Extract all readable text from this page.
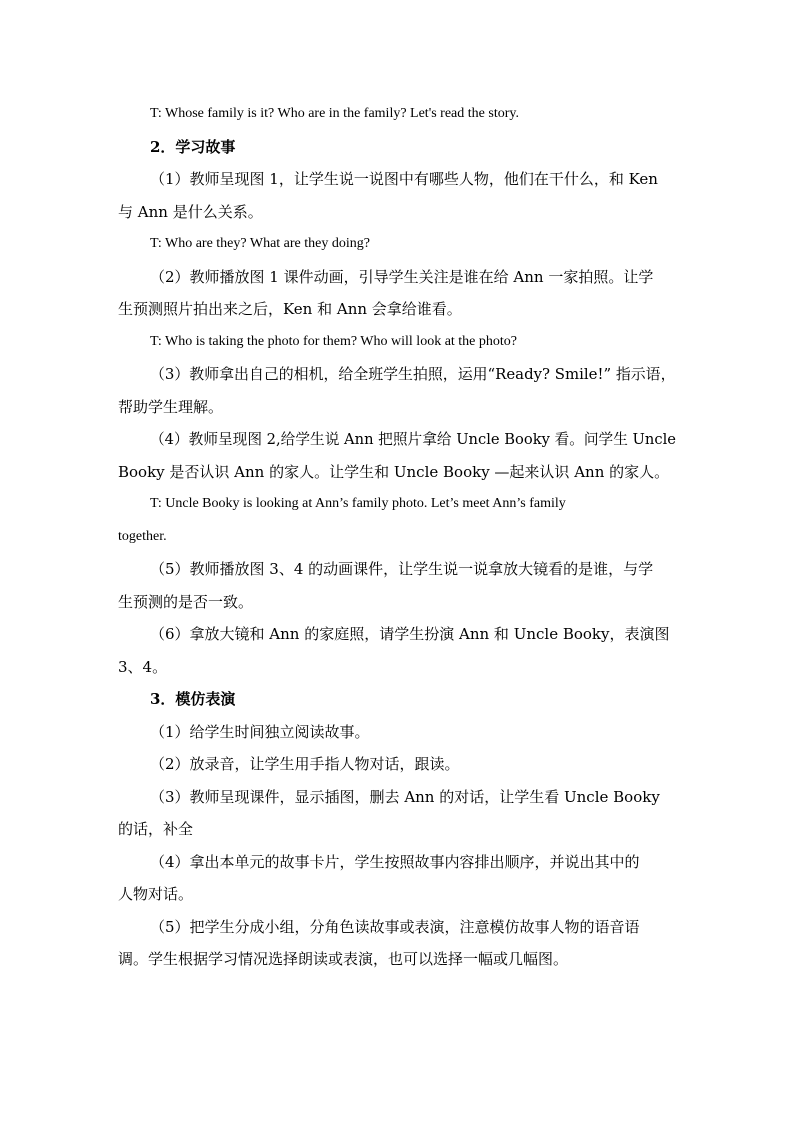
T: Whose family is it? Who are in the family? Let's read the story.
2．学习故事
（1）教师呈现图 1，让学生说一说图中有哪些人物，他们在干什么，和 Ken
与 Ann 是什么关系。
T: Who are they? What are they doing?
（2）教师播放图 1 课件动画，引导学生关注是谁在给 Ann 一家拍照。让学
生预测照片拍出来之后，Ken 和 Ann 会拿给谁看。
T: Who is taking the photo for them? Who will look at the photo?
（3）教师拿出自己的相机，给全班学生拍照，运用“Ready? Smile!” 指示语，
帮助学生理解。
（4）教师呈现图 2,给学生说 Ann 把照片拿给 Uncle Booky 看。问学生 Uncle
Booky 是否认识 Ann 的家人。让学生和 Uncle Booky —起来认识 Ann 的家人。
T: Uncle Booky is looking at Ann’s family photo. Let’s meet Ann’s family
together.
（5）教师播放图 3、4 的动画课件，让学生说一说拿放大镜看的是谁，与学
生预测的是否一致。
（6）拿放大镜和 Ann 的家庭照，请学生扮演 Ann 和 Uncle Booky，表演图
3、4。
3．模仿表演
（1）给学生时间独立阅读故事。
（2）放录音，让学生用手指人物对话，跟读。
（3）教师呈现课件，显示插图，删去 Ann 的对话，让学生看 Uncle Booky
的话，补全
（4）拿出本单元的故事卡片，学生按照故事内容排出顺序，并说出其中的
人物对话。
（5）把学生分成小组，分角色读故事或表演，注意模仿故事人物的语音语
调。学生根据学习情况选择朗读或表演，也可以选择一幅或几幅图。
